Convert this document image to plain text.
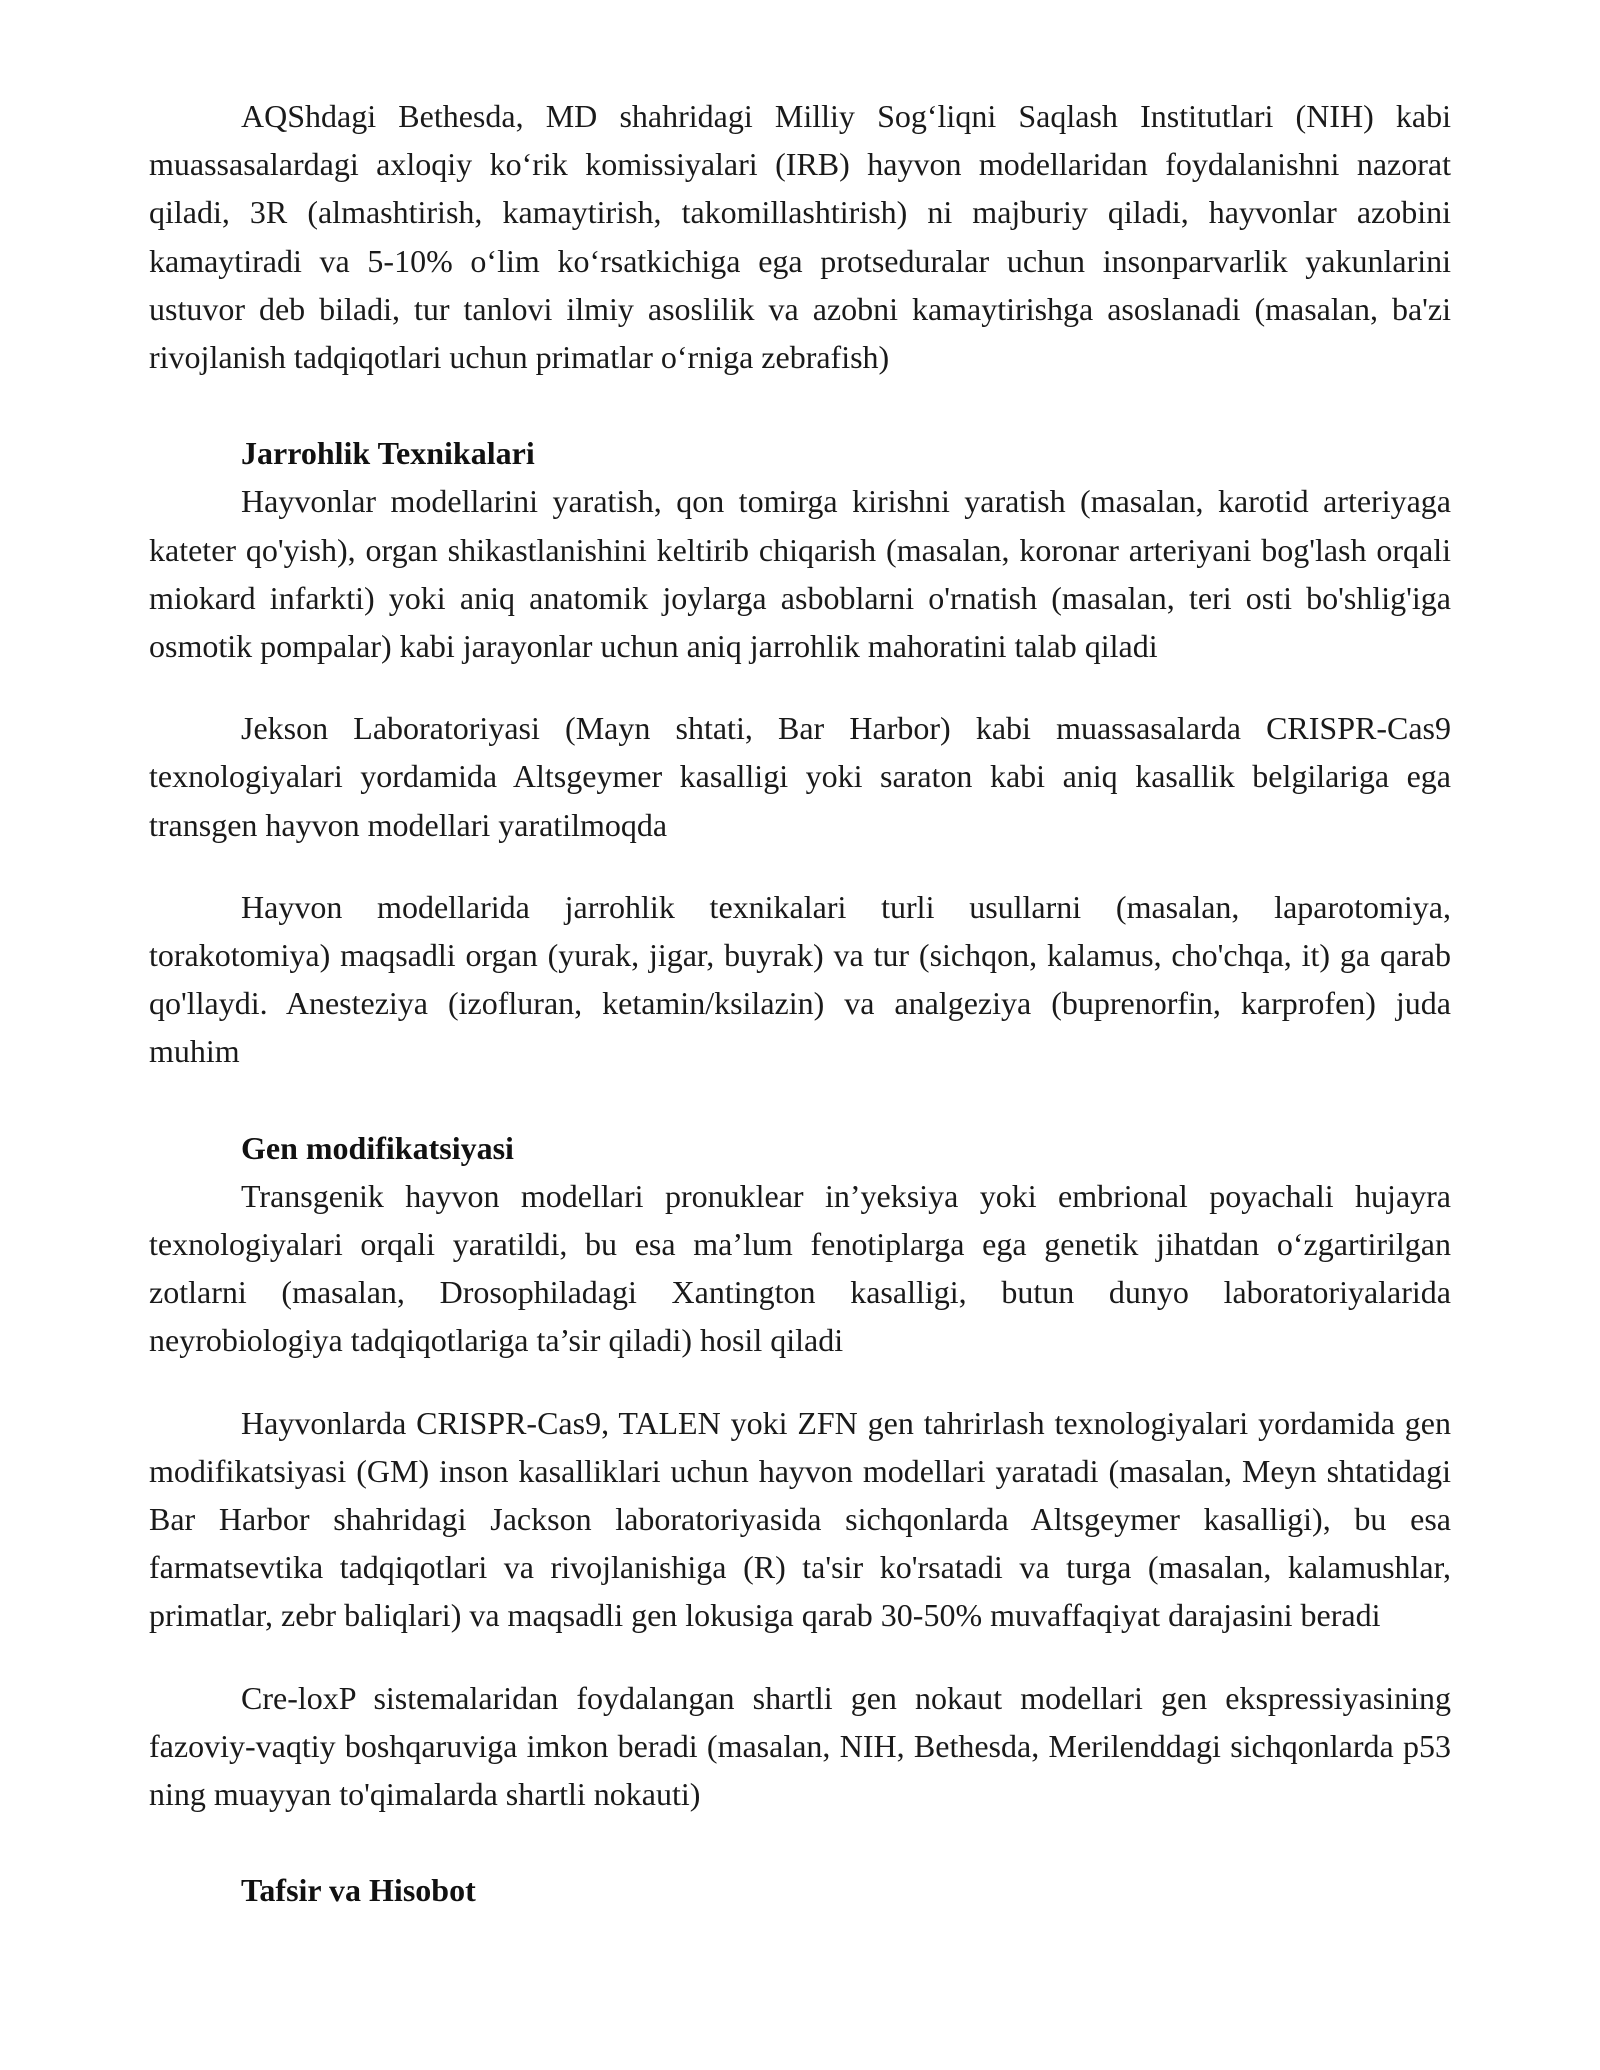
AQShdagi Bethesda, MD shahridagi Milliy Sogʻliqni Saqlash Institutlari (NIH) kabi muassasalardagi axloqiy koʻrik komissiyalari (IRB) hayvon modellaridan foydalanishni nazorat qiladi, 3R (almashtirish, kamaytirish, takomillashtirish) ni majburiy qiladi, hayvonlar azobini kamaytiradi va 5-10% oʻlim koʻrsatkichiga ega protseduralar uchun insonparvarlik yakunlarini ustuvor deb biladi, tur tanlovi ilmiy asoslilik va azobni kamaytirishga asoslanadi (masalan, ba'zi rivojlanish tadqiqotlari uchun primatlar oʻrniga zebrafish)

Jarrohlik Texnikalari

Hayvonlar modellarini yaratish, qon tomirga kirishni yaratish (masalan, karotid arteriyaga kateter qo'yish), organ shikastlanishini keltirib chiqarish (masalan, koronar arteriyani bog'lash orqali miokard infarkti) yoki aniq anatomik joylarga asboblarni o'rnatish (masalan, teri osti bo'shlig'iga osmotik pompalar) kabi jarayonlar uchun aniq jarrohlik mahoratini talab qiladi

Jekson Laboratoriyasi (Mayn shtati, Bar Harbor) kabi muassasalarda CRISPR-Cas9 texnologiyalari yordamida Altsgeymer kasalligi yoki saraton kabi aniq kasallik belgilariga ega transgen hayvon modellari yaratilmoqda

Hayvon modellarida jarrohlik texnikalari turli usullarni (masalan, laparotomiya, torakotomiya) maqsadli organ (yurak, jigar, buyrak) va tur (sichqon, kalamus, cho'chqa, it) ga qarab qo'llaydi. Anesteziya (izofluran, ketamin/ksilazin) va analgeziya (buprenorfin, karprofen) juda muhim

Gen modifikatsiyasi

Transgenik hayvon modellari pronuklear in’yeksiya yoki embrional poyachali hujayra texnologiyalari orqali yaratildi, bu esa ma’lum fenotiplarga ega genetik jihatdan oʻzgartirilgan zotlarni (masalan, Drosophiladagi Xantington kasalligi, butun dunyo laboratoriyalarida neyrobiologiya tadqiqotlariga ta’sir qiladi) hosil qiladi

Hayvonlarda CRISPR-Cas9, TALEN yoki ZFN gen tahrirlash texnologiyalari yordamida gen modifikatsiyasi (GM) inson kasalliklari uchun hayvon modellari yaratadi (masalan, Meyn shtatidagi Bar Harbor shahridagi Jackson laboratoriyasida sichqonlarda Altsgeymer kasalligi), bu esa farmatsevtika tadqiqotlari va rivojlanishiga (R) ta'sir ko'rsatadi va turga (masalan, kalamushlar, primatlar, zebr baliqlari) va maqsadli gen lokusiga qarab 30-50% muvaffaqiyat darajasini beradi

Cre-loxP sistemalaridan foydalangan shartli gen nokaut modellari gen ekspressiyasining fazoviy-vaqtiy boshqaruviga imkon beradi (masalan, NIH, Bethesda, Merilenddagi sichqonlarda p53 ning muayyan to'qimalarda shartli nokauti)

Tafsir va Hisobot
